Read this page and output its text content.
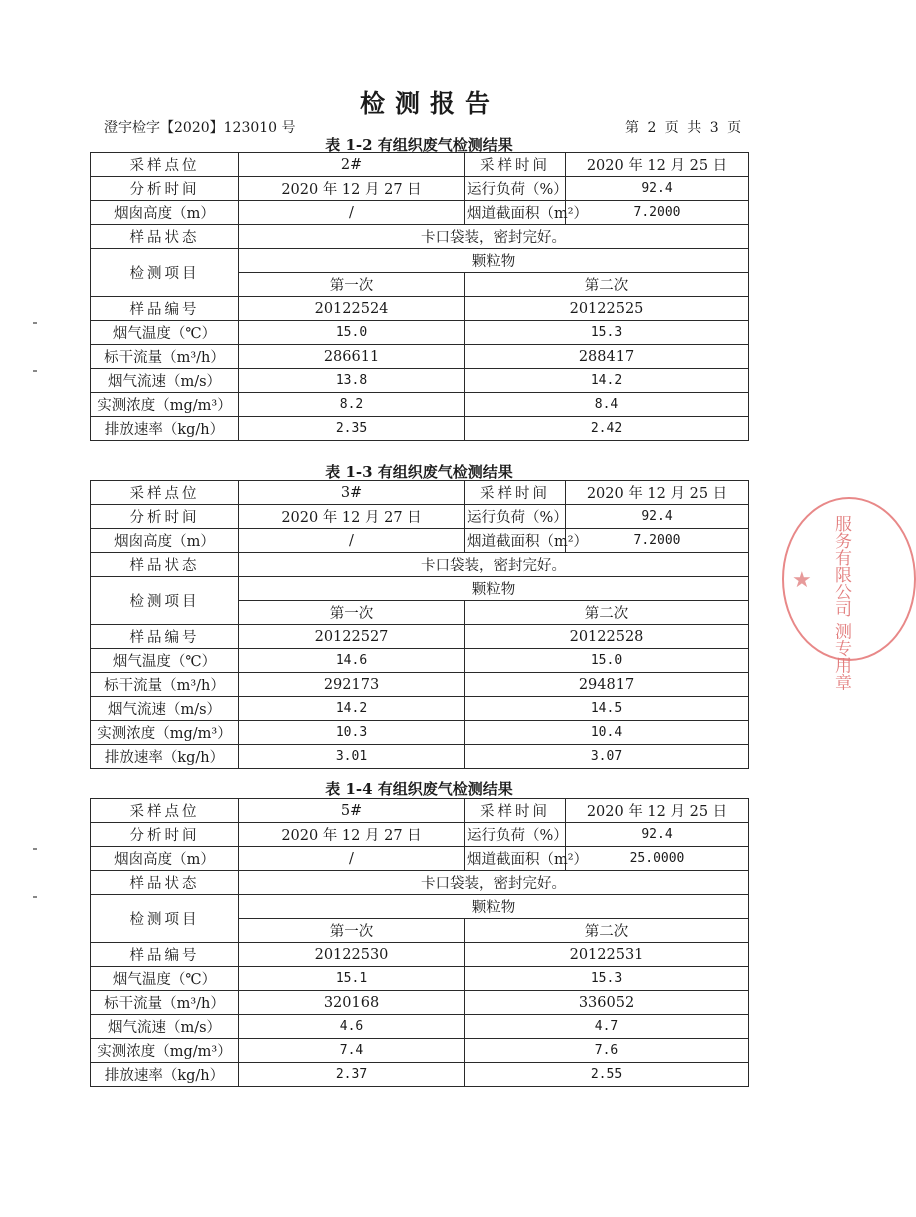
检测报告
澄宇检字【2020】123010 号	第 2 页 共 3 页
服务有限公司 测专用章
★
表 1-2 有组织废气检测结果
采样点位	2#	采样时间	2020 年 12 月 25 日	
分析时间	2020 年 12 月 27 日	运行负荷（%）	92.4	
烟囱高度（m）	/	烟道截面积（m²）	7.2000	
样品状态	卡口袋装，密封完好。			
检测项目	颗粒物			
	第一次	第二次	
样品编号	20122524	20122525	
烟气温度（℃）	15.0	15.3	
标干流量（m³/h）	286611	288417	
烟气流速（m/s）	13.8	14.2	
实测浓度（mg/m³）	8.2	8.4	
排放速率（kg/h）	2.35	2.42	
表 1-3 有组织废气检测结果
采样点位	3#	采样时间	2020 年 12 月 25 日	
分析时间	2020 年 12 月 27 日	运行负荷（%）	92.4	
烟囱高度（m）	/	烟道截面积（m²）	7.2000	
样品状态	卡口袋装，密封完好。			
检测项目	颗粒物			
	第一次	第二次	
样品编号	20122527	20122528	
烟气温度（℃）	14.6	15.0	
标干流量（m³/h）	292173	294817	
烟气流速（m/s）	14.2	14.5	
实测浓度（mg/m³）	10.3	10.4	
排放速率（kg/h）	3.01	3.07	
表 1-4 有组织废气检测结果
采样点位	5#	采样时间	2020 年 12 月 25 日	
分析时间	2020 年 12 月 27 日	运行负荷（%）	92.4	
烟囱高度（m）	/	烟道截面积（m²）	25.0000	
样品状态	卡口袋装，密封完好。			
检测项目	颗粒物			
	第一次	第二次	
样品编号	20122530	20122531	
烟气温度（℃）	15.1	15.3	
标干流量（m³/h）	320168	336052	
烟气流速（m/s）	4.6	4.7	
实测浓度（mg/m³）	7.4	7.6	
排放速率（kg/h）	2.37	2.55	
